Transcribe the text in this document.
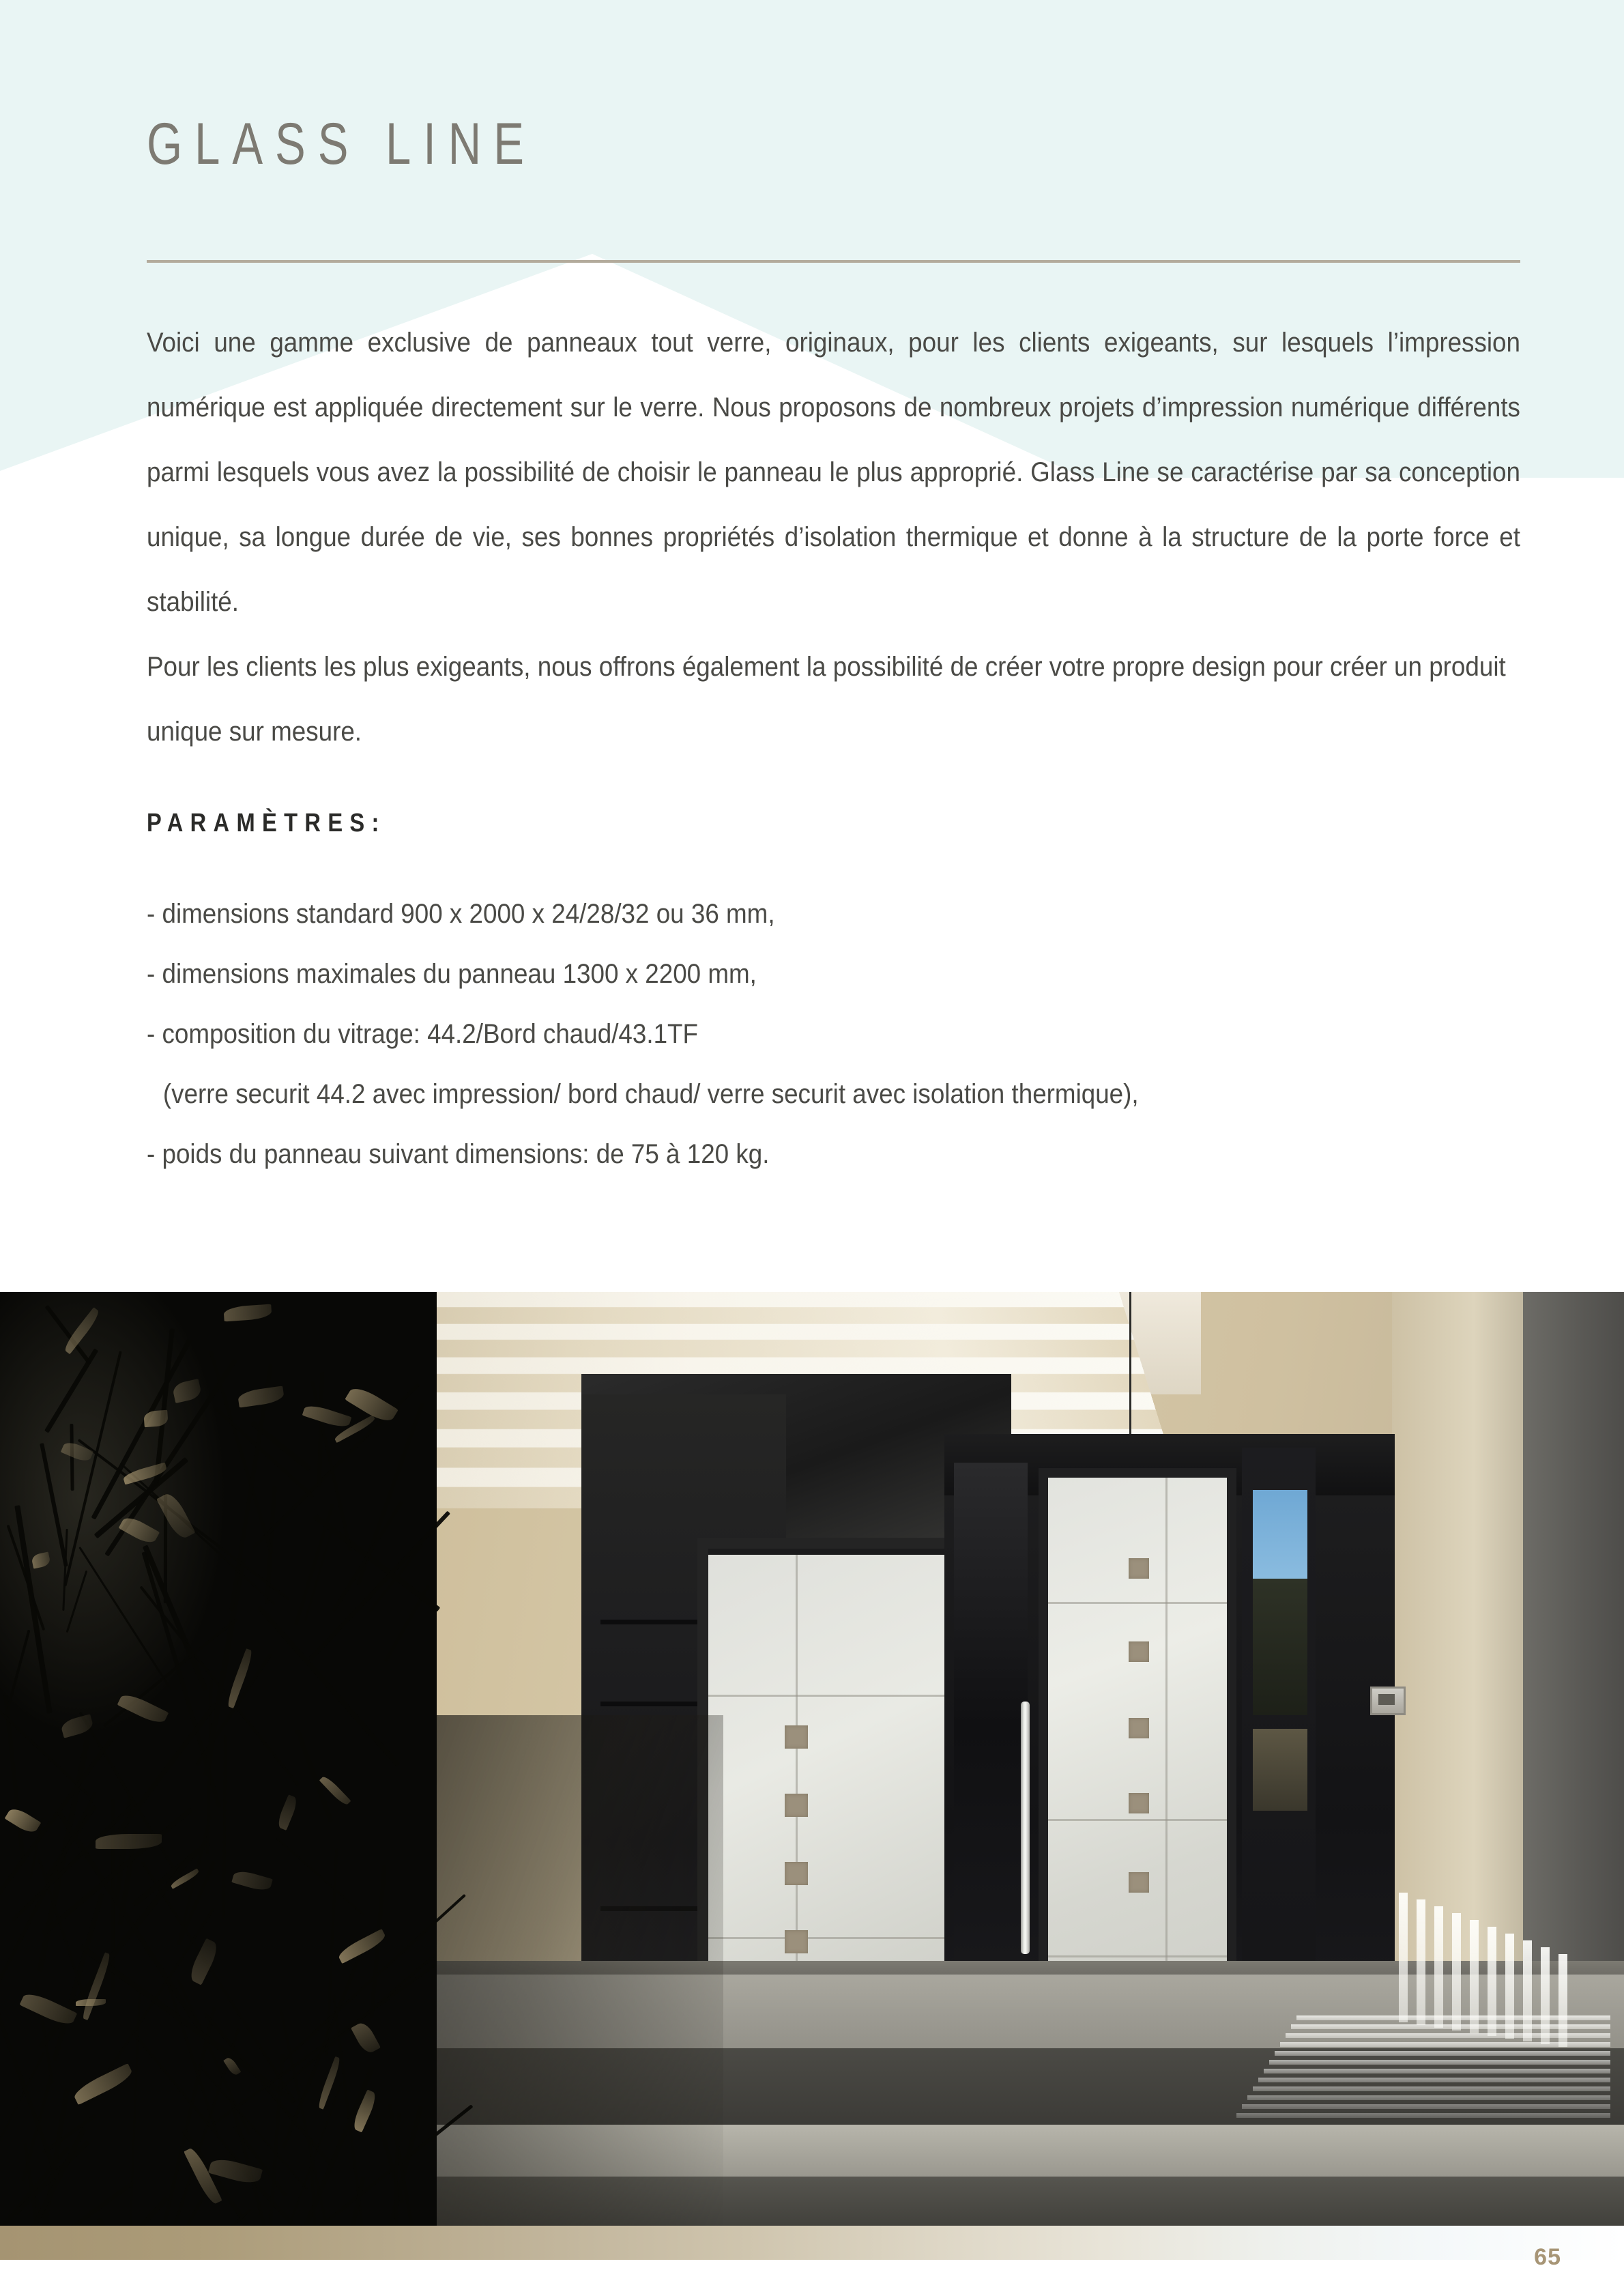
GLASS LINE

Voici une gamme exclusive de panneaux tout verre, originaux, pour les clients exigeants, sur lesquels l’impression numérique est appliquée directement sur le verre. Nous proposons de nombreux projets d’impression numérique différents parmi lesquels vous avez la possibilité de choisir le panneau le plus approprié. Glass Line se caractérise par sa conception unique, sa longue durée de vie, ses bonnes propriétés d’isolation thermique et donne à la structure de la porte force et stabilité.

Pour les clients les plus exigeants, nous offrons également la possibilité de créer votre propre design pour créer un produit unique sur mesure.

PARAMÈTRES:
- dimensions standard 900 x 2000 x 24/28/32 ou 36 mm,
- dimensions maximales du panneau 1300 x 2200 mm,
- composition du vitrage: 44.2/Bord chaud/43.1TF
(verre securit 44.2 avec impression/ bord chaud/ verre securit avec isolation thermique),
- poids du panneau suivant dimensions: de 75 à 120 kg.
65
